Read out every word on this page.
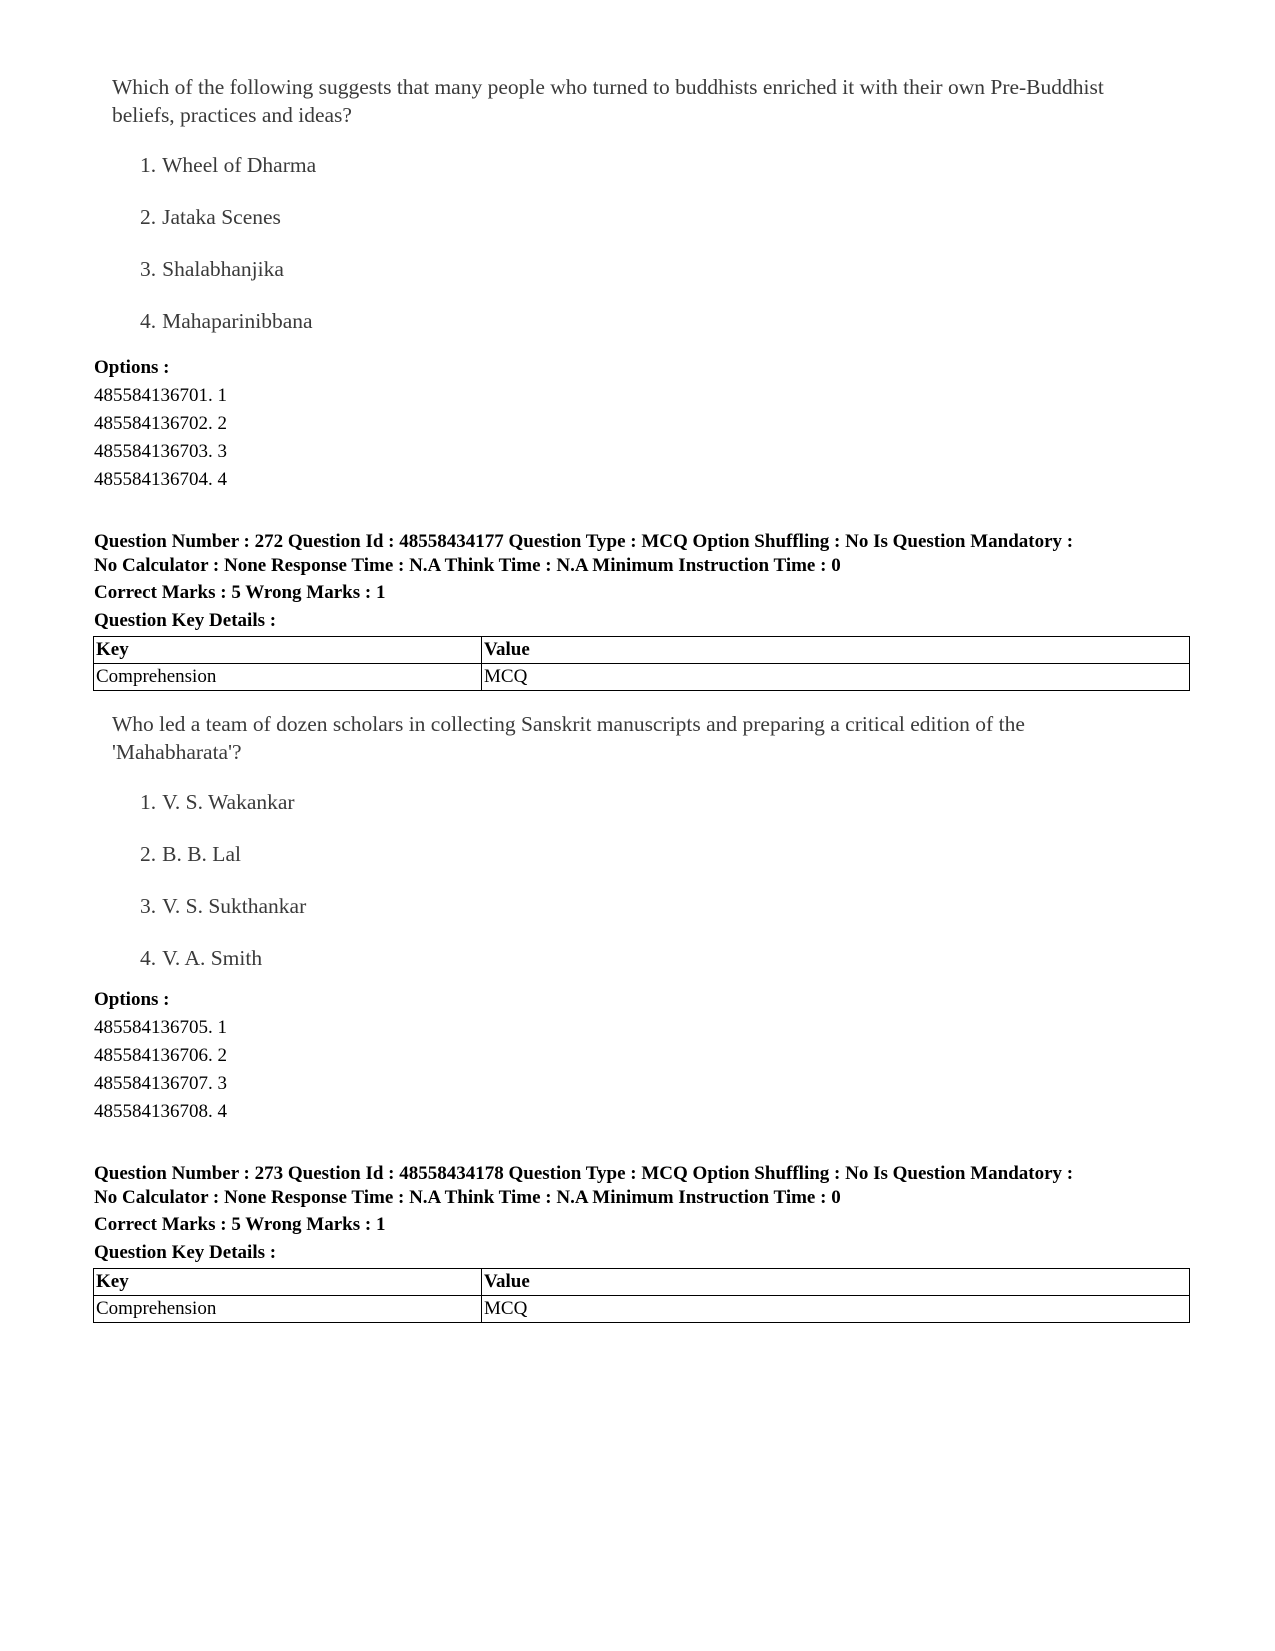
Which of the following suggests that many people who turned to buddhists enriched it with their own Pre-Buddhist beliefs, practices and ideas?
1. Wheel of Dharma
2. Jataka Scenes
3. Shalabhanjika
4. Mahaparinibbana
Options :
485584136701. 1
485584136702. 2
485584136703. 3
485584136704. 4
Question Number : 272 Question Id : 48558434177 Question Type : MCQ Option Shuffling : No Is Question Mandatory :
No Calculator : None Response Time : N.A Think Time : N.A Minimum Instruction Time : 0
Correct Marks : 5 Wrong Marks : 1
Question Key Details :
Key	Value
Comprehension	MCQ
Who led a team of dozen scholars in collecting Sanskrit manuscripts and preparing a critical edition of the 'Mahabharata'?
1. V. S. Wakankar
2. B. B. Lal
3. V. S. Sukthankar
4. V. A. Smith
Options :
485584136705. 1
485584136706. 2
485584136707. 3
485584136708. 4
Question Number : 273 Question Id : 48558434178 Question Type : MCQ Option Shuffling : No Is Question Mandatory :
No Calculator : None Response Time : N.A Think Time : N.A Minimum Instruction Time : 0
Correct Marks : 5 Wrong Marks : 1
Question Key Details :
Key	Value
Comprehension	MCQ
